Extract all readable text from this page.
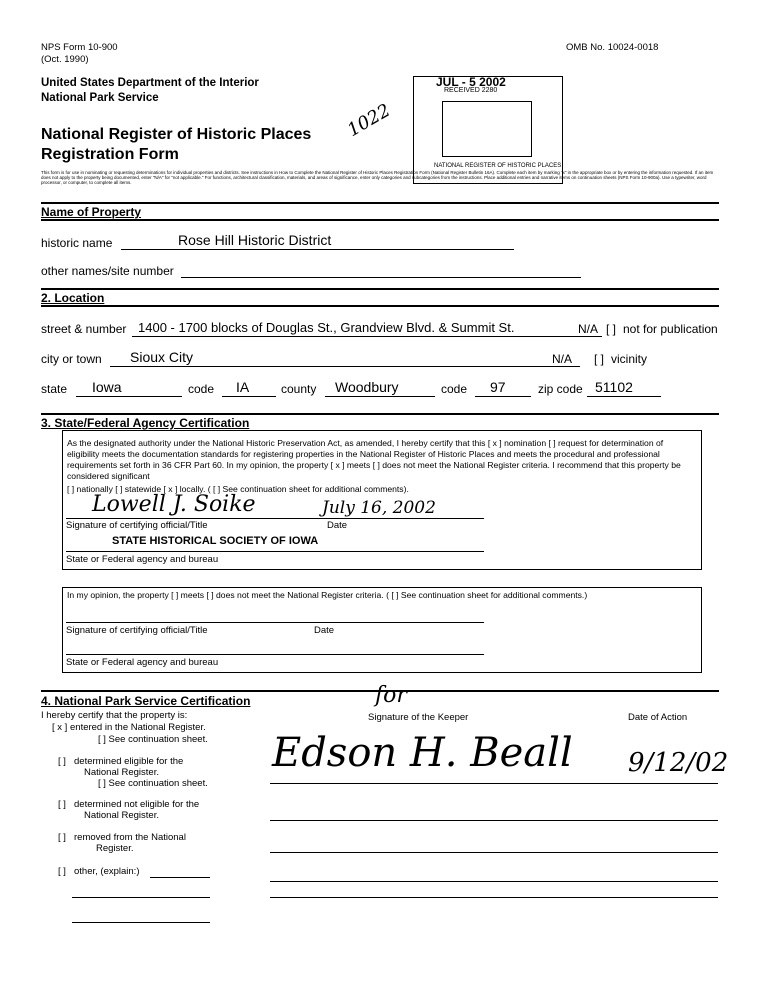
NPS Form 10-900
(Oct. 1990)
OMB No. 10024-0018
United States Department of the Interior
National Park Service
National Register of Historic Places
Registration Form
1022
This form is for use in nominating or requesting determinations for individual properties and districts. See instructions in How to Complete the National Register of Historic Places Registration Form (National Register Bulletin 16A). Complete each item by marking "x" in the appropriate box or by entering the information requested. If an item does not apply to the property being documented, enter "N/A" for "not applicable." For functions, architectural classification, materials, and areas of significance, enter only categories and subcategories from the instructions. Place additional entries and narrative items on continuation sheets (NPS Form 10-900a). Use a typewriter, word processor, or computer, to complete all items.
JUL - 5 2002
RECEIVED 2280
NATIONAL REGISTER OF HISTORIC PLACES
Name of Property
historic name	Rose Hill Historic District
other names/site number
2. Location
street & number 1400 - 1700 blocks of Douglas St., Grandview Blvd. & Summit St.	N/A [ ] not for publication
city or town Sioux City	N/A [ ] vicinity
state Iowa	code IA	county Woodbury	code 97	zip code 51102
3. State/Federal Agency Certification
As the designated authority under the National Historic Preservation Act, as amended, I hereby certify that this [ x ] nomination [ ] request for determination of eligibility meets the documentation standards for registering properties in the National Register of Historic Places and meets the procedural and professional requirements set forth in 36 CFR Part 60. In my opinion, the property [ x ] meets [ ] does not meet the National Register criteria. I recommend that this property be considered significant
[ ] nationally [ ] statewide [ x ] locally. ( [ ] See continuation sheet for additional comments).
Lowell J. Soike	July 16, 2002
Signature of certifying official/Title	Date
STATE HISTORICAL SOCIETY OF IOWA
State or Federal agency and bureau
In my opinion, the property [ ] meets [ ] does not meet the National Register criteria. ( [ ] See continuation sheet for additional comments.)
Signature of certifying official/Title	Date
State or Federal agency and bureau
4. National Park Service Certification
I hereby certify that the property is:
for
Signature of the Keeper	Date of Action
[ x ] entered in the National Register.
[ ] See continuation sheet.
[ ] determined eligible for the
National Register.
[ ] See continuation sheet.
[ ] determined not eligible for the
National Register.
[ ] removed from the National
Register.
[ ] other, (explain:)
Edson H. Beall 9/12/02
